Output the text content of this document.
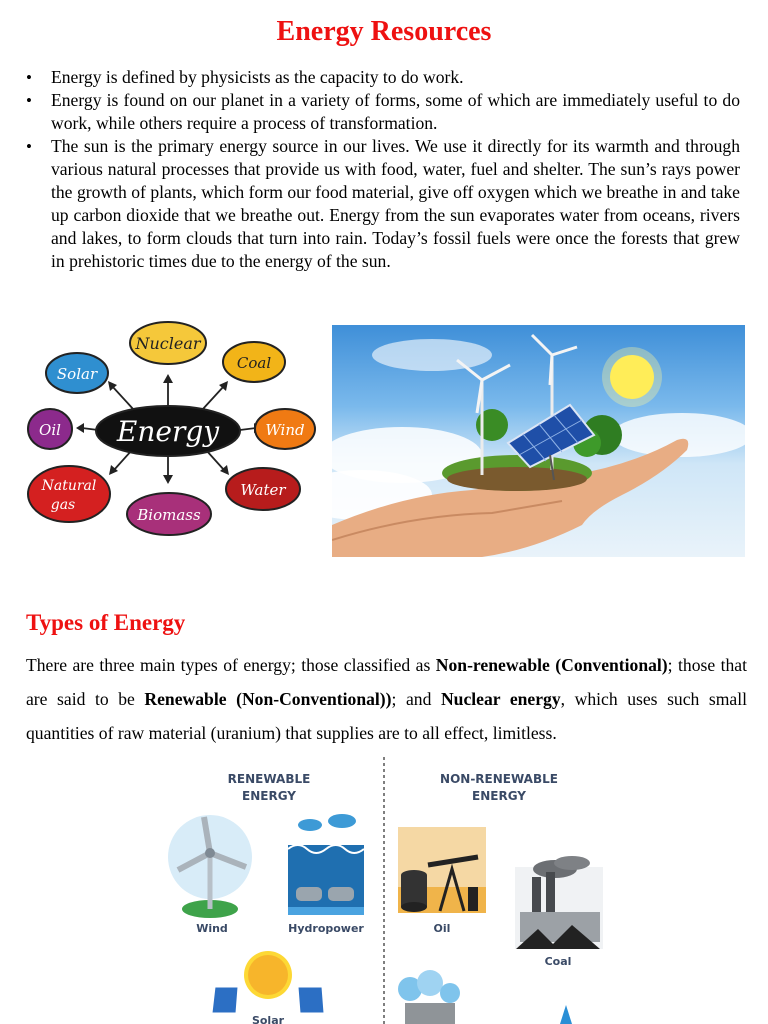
Energy Resources
• Energy is defined by physicists as the capacity to do work.
• Energy is found on our planet in a variety of forms, some of which are immediately useful to do work, while others require a process of transformation.
• The sun is the primary energy source in our lives. We use it directly for its warmth and through various natural processes that provide us with food, water, fuel and shelter. The sun’s rays power the growth of plants, which form our food material, give off oxygen which we breathe in and take up carbon dioxide that we breathe out. Energy from the sun evaporates water from oceans, rivers and lakes, to form clouds that turn into rain. Today’s fossil fuels were once the forests that grew in prehistoric times due to the energy of the sun.
Nuclear
Solar
Coal
Oil	Wind
Energy
Natural
gas
Biomass
Water
Types of Energy

There are three main types of energy; those classified as Non-renewable (Conventional); those that are said to be Renewable (Non-Conventional)); and Nuclear energy, which uses such small quantities of raw material (uranium) that supplies are to all effect, limitless.

RENEWABLE
ENERGY
NON-RENEWABLE
ENERGY
Wind	Hydropower	Oil
Coal
Solar
